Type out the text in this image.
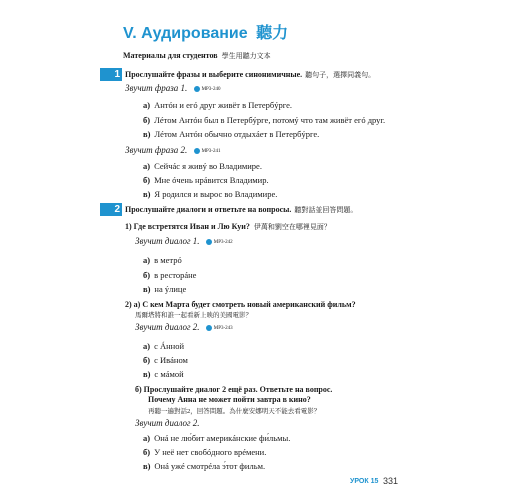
V. Аудирование 聽力
Материалы для студентов 學生用聽力文本
1 Прослушайте фразы и выберите синонимичные. 聽句子，選擇同義句。
Звучит фраза 1.	MP3-240
а) Антóн и егó друг живёт в Петербýрге.
б) Лéтом Антóн был в Петербýрге, потомý что там живёт егó друг.
в) Лéтом Антóн обычно отдыхáет в Петербýрге.
Звучит фраза 2.	MP3-241
а) Сейчáс я живý во Владимире.
б) Мне óчень нрáвится Владимир.
в) Я родился и вырос во Владимире.
2 Прослушайте диалоги и ответьте на вопросы. 聽對話並回答問題。
1) Где встретятся Иван и Лю Куи? 伊萬和劉空在哪裡見面？
Звучит диалог 1.	MP3-242
а) в метрó
б) в ресторáне
в) на ýлице
2) а) С кем Марта будет смотреть новый американский фильм?
馬爾塔將和誰一起看新上映的美國電影？
Звучит диалог 2.	MP3-243
а) с Áнной
б) с Ивáном
в) с мáмой
б) Прослушайте диалог 2 ещё раз. Ответьте на вопрос.
Почему Анна не может пойти завтра в кино?
再聽一遍對話2，回答問題。為什麼安娜明天不能去看電影？
Звучит диалог 2.
а) Онá не лю́бит америкáнские фи́льмы.
б) У неё нет свобóдного врéмени.
в) Онá ужé смотрéла э́тот фильм.
УРОК 15 331
